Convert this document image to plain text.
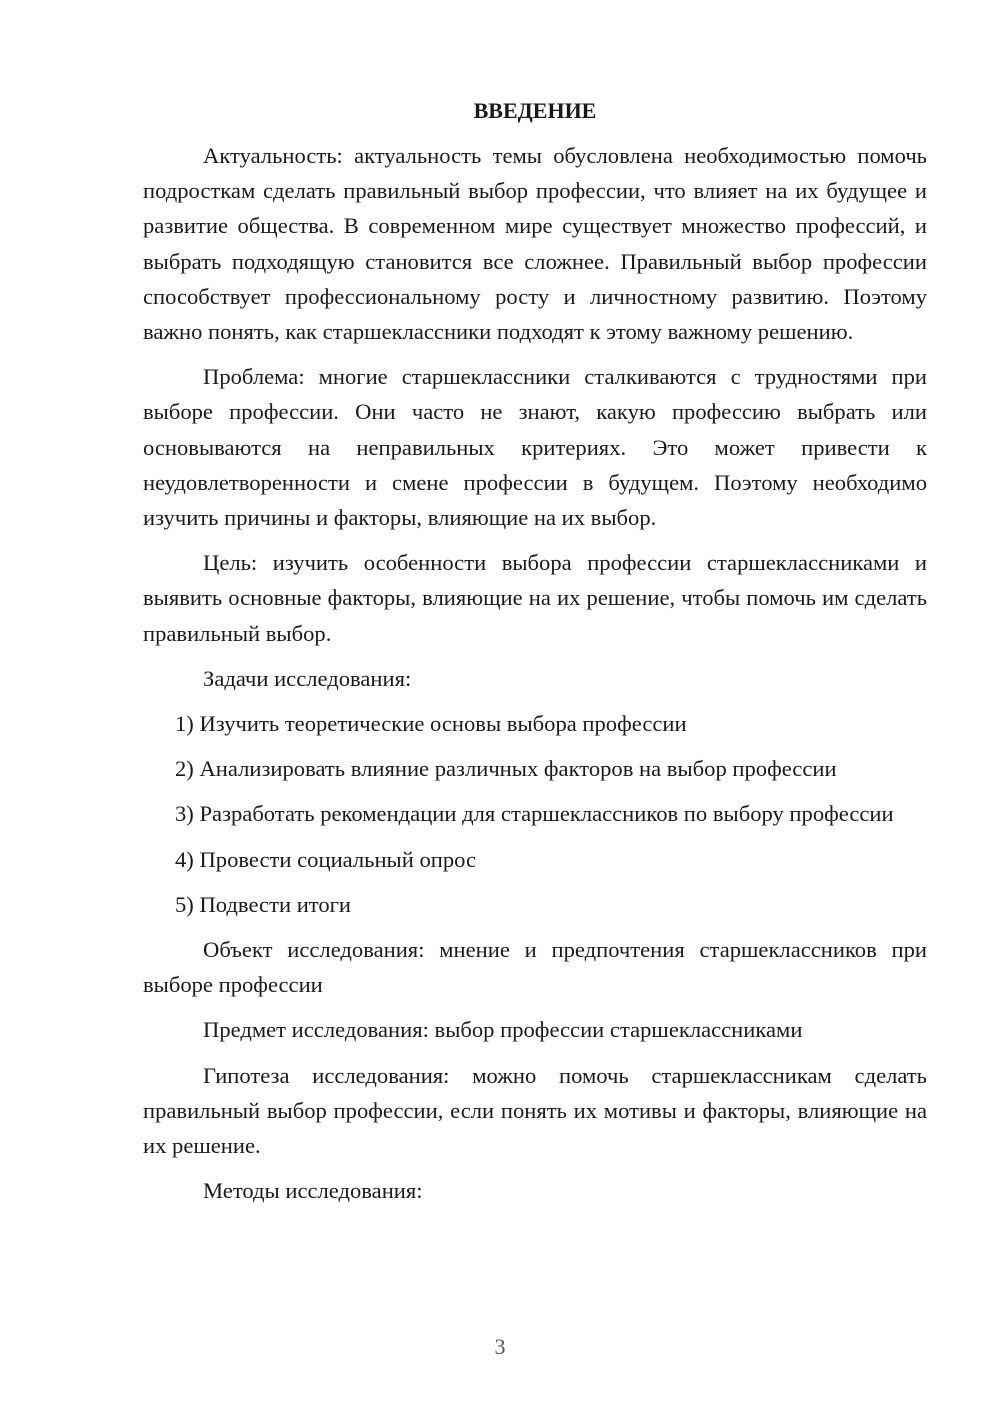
ВВЕДЕНИЕ

Актуальность: актуальность темы обусловлена необходимостью помочь подросткам сделать правильный выбор профессии, что влияет на их будущее и развитие общества. В современном мире существует множество профессий, и выбрать подходящую становится все сложнее. Правильный выбор профессии способствует профессиональному росту и личностному развитию. Поэтому важно понять, как старшеклассники подходят к этому важному решению.

Проблема: многие старшеклассники сталкиваются с трудностями при выборе профессии. Они часто не знают, какую профессию выбрать или основываются на неправильных критериях. Это может привести к неудовлетворенности и смене профессии в будущем. Поэтому необходимо изучить причины и факторы, влияющие на их выбор.

Цель: изучить особенности выбора профессии старшеклассниками и выявить основные факторы, влияющие на их решение, чтобы помочь им сделать правильный выбор.

Задачи исследования:

1) Изучить теоретические основы выбора профессии

2) Анализировать влияние различных факторов на выбор профессии

3) Разработать рекомендации для старшеклассников по выбору профессии

4) Провести социальный опрос

5) Подвести итоги

Объект исследования: мнение и предпочтения старшеклассников при выборе профессии

Предмет исследования: выбор профессии старшеклассниками

Гипотеза исследования: можно помочь старшеклассникам сделать правильный выбор профессии, если понять их мотивы и факторы, влияющие на их решение.

Методы исследования:

3
